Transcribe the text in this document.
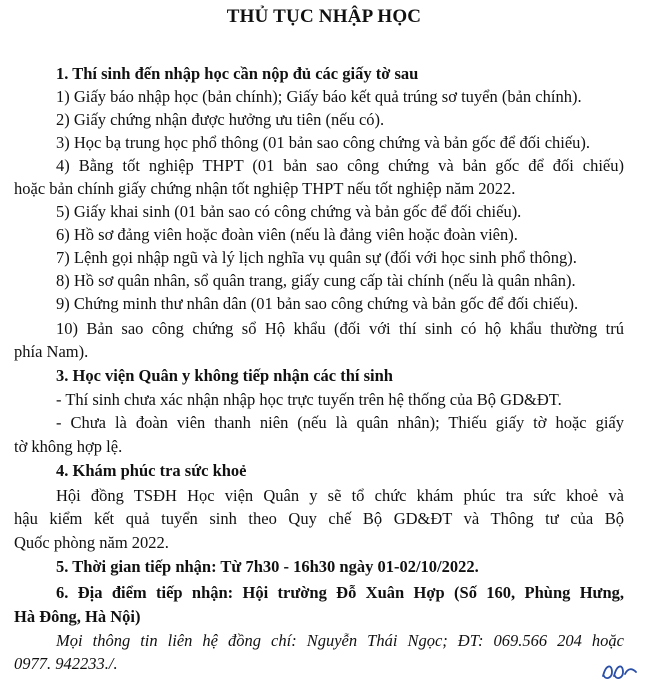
THỦ TỤC NHẬP HỌC
1. Thí sinh đến nhập học cần nộp đủ các giấy tờ sau
1) Giấy báo nhập học (bản chính); Giấy báo kết quả trúng sơ tuyển (bản chính).
2) Giấy chứng nhận được hưởng ưu tiên (nếu có).
3) Học bạ trung học phổ thông (01 bản sao công chứng và bản gốc để đối chiếu).
4) Bằng tốt nghiệp THPT (01 bản sao công chứng và bản gốc để đối chiếu)
hoặc bản chính giấy chứng nhận tốt nghiệp THPT nếu tốt nghiệp năm 2022.
5) Giấy khai sinh (01 bản sao có công chứng và bản gốc để đối chiếu).
6) Hồ sơ đảng viên hoặc đoàn viên (nếu là đảng viên hoặc đoàn viên).
7) Lệnh gọi nhập ngũ và lý lịch nghĩa vụ quân sự (đối với học sinh phổ thông).
8) Hồ sơ quân nhân, sổ quân trang, giấy cung cấp tài chính (nếu là quân nhân).
9) Chứng minh thư nhân dân (01 bản sao công chứng và bản gốc để đối chiếu).
10) Bản sao công chứng sổ Hộ khẩu (đối với thí sinh có hộ khẩu thường trú
phía Nam).
3. Học viện Quân y không tiếp nhận các thí sinh
- Thí sinh chưa xác nhận nhập học trực tuyến trên hệ thống của Bộ GD&ĐT.
- Chưa là đoàn viên thanh niên (nếu là quân nhân); Thiếu giấy tờ hoặc giấy
tờ không hợp lệ.
4. Khám phúc tra sức khoẻ
Hội đồng TSĐH Học viện Quân y sẽ tổ chức khám phúc tra sức khoẻ và
hậu kiểm kết quả tuyển sinh theo Quy chế Bộ GD&ĐT và Thông tư của Bộ
Quốc phòng năm 2022.
5. Thời gian tiếp nhận: Từ 7h30 - 16h30 ngày 01-02/10/2022.
6. Địa điểm tiếp nhận: Hội trường Đỗ Xuân Hợp (Số 160, Phùng Hưng,
Hà Đông, Hà Nội)
Mọi thông tin liên hệ đồng chí: Nguyễn Thái Ngọc; ĐT: 069.566 204 hoặc
0977. 942233./.
